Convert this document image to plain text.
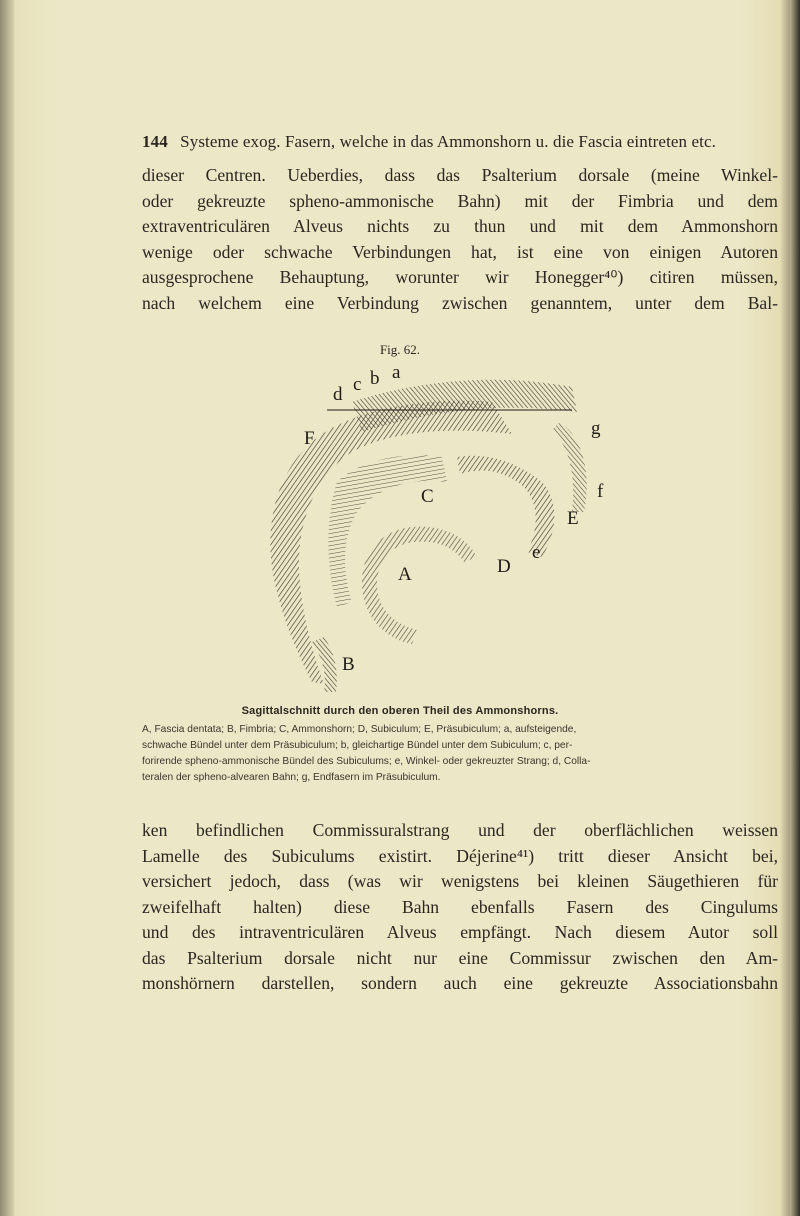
144 Systeme exog. Fasern, welche in das Ammonshorn u. die Fascia eintreten etc.
dieser Centren. Ueberdies, dass das Psalterium dorsale (meine Winkel-
oder gekreuzte spheno-ammonische Bahn) mit der Fimbria und dem
extraventriculären Alveus nichts zu thun und mit dem Ammonshorn
wenige oder schwache Verbindungen hat, ist eine von einigen Autoren
ausgesprochene Behauptung, worunter wir Honegger⁴⁰) citiren müssen,
nach welchem eine Verbindung zwischen genanntem, unter dem Bal-
Fig. 62.
d c b a
F	g
f
C
E
e
D
A
B
Sagittalschnitt durch den oberen Theil des Ammonshorns.
A, Fascia dentata; B, Fimbria; C, Ammonshorn; D, Subiculum; E, Präsubiculum; a, aufsteigende,
schwache Bündel unter dem Präsubiculum; b, gleichartige Bündel unter dem Subiculum; c, per-
forirende spheno-ammonische Bündel des Subiculums; e, Winkel- oder gekreuzter Strang; d, Colla-
teralen der spheno-alvearen Bahn; g, Endfasern im Präsubiculum.
ken befindlichen Commissuralstrang und der oberflächlichen weissen
Lamelle des Subiculums existirt. Déjerine⁴¹) tritt dieser Ansicht bei,
versichert jedoch, dass (was wir wenigstens bei kleinen Säugethieren für
zweifelhaft halten) diese Bahn ebenfalls Fasern des Cingulums
und des intraventriculären Alveus empfängt. Nach diesem Autor soll
das Psalterium dorsale nicht nur eine Commissur zwischen den Am-
monshörnern darstellen, sondern auch eine gekreuzte Associationsbahn
